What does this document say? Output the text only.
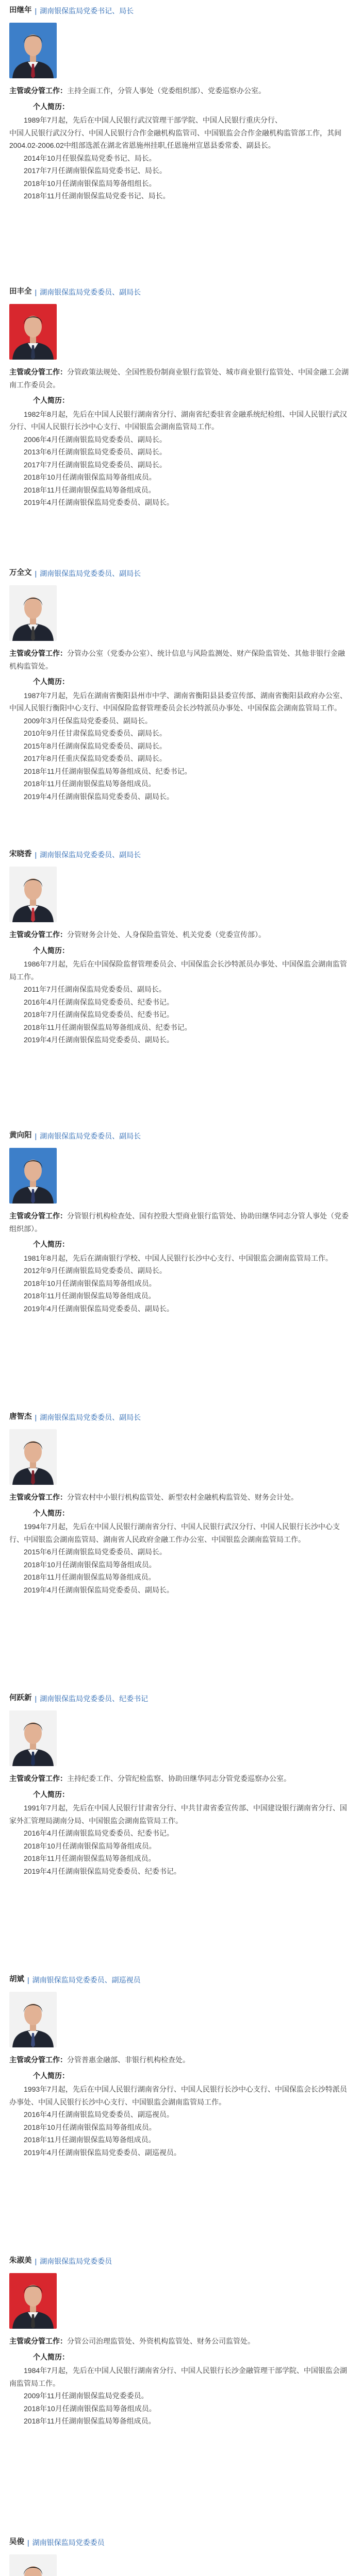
田继年 | 湖南银保监局党委书记、局长

主管或分管工作：主持全面工作，分管人事处（党委组织部）、党委巡察办公室。

个人简历：

1989年7月起，先后在中国人民银行武汉管理干部学院、中国人民银行重庆分行、

中国人民银行武汉分行、中国人民银行合作金融机构监管司、中国银监会合作金融机构监管部工作，其间2004.02-2006.02中组部选派在湖北省恩施州挂职,任恩施州宣恩县委常委、副县长。

2014年10月任银保监局党委书记、局长。

2017年7月任湖南银保监局党委书记、局长。

2018年10月任湖南银保监局筹备组组长。

2018年11月任湖南银保监局党委书记、局长。

田丰全 | 湖南银保监局党委委员、副局长

主管或分管工作：分管政策法规处、全国性股份制商业银行监管处、城市商业银行监管处、中国金融工会湖南工作委员会。

个人简历：

1982年8月起，先后在中国人民银行湖南省分行、湖南省纪委驻省金融系统纪检组、中国人民银行武汉分行、中国人民银行长沙中心支行、中国银监会湖南监管局工作。

2006年4月任湖南银监局党委委员、副局长。

2013年6月任湖南银监局党委委员、副局长。

2017年7月任湖南银监局党委委员、副局长。

2018年10月任湖南银保监局筹备组成员。

2018年11月任湖南银保监局筹备组成员。

2019年4月任湖南银保监局党委委员、副局长。

万全文 | 湖南银保监局党委委员、副局长

主管或分管工作：分管办公室（党委办公室）、统计信息与风险监测处、财产保险监管处、其他非银行金融机构监管处。

个人简历：

1987年7月起，先后在湖南省衡阳县州市中学、湖南省衡阳县县委宣传部、湖南省衡阳县政府办公室、中国人民银行衡阳中心支行、中国保险监督管理委员会长沙特派员办事处、中国保监会湖南监管局工作。

2009年3月任保监局党委委员、副局长。

2010年9月任甘肃保监局党委委员、副局长。

2015年8月任湖南保监局党委委员、副局长。

2017年8月任重庆保监局党委委员、副局长。

2018年11月任湖南银保监局筹备组成员、纪委书记。

2018年11月任湖南银保监局筹备组成员。

2019年4月任湖南银保监局党委委员、副局长。

宋晓香 | 湖南银保监局党委委员、副局长

主管或分管工作：分管财务会计处、人身保险监管处、机关党委（党委宣传部）。

个人简历：

1986年7月起，先后在中国保险监督管理委员会、中国保监会长沙特派员办事处、中国保监会湖南监管局工作。

2011年7月任湖南保监局党委委员、副局长。

2016年4月任湖南保监局党委委员、纪委书记。

2018年7月任湖南保监局党委委员、纪委书记。

2018年11月任湖南银保监局筹备组成员、纪委书记。

2019年4月任湖南银保监局党委委员、副局长。

黄向阳 | 湖南银保监局党委委员、副局长

主管或分管工作：分管银行机构检查处、国有控股大型商业银行监管处、协助田继华同志分管人事处（党委组织部）。

个人简历：

1981年8月起，先后在湖南银行学校、中国人民银行长沙中心支行、中国银监会湖南监管局工作。

2012年9月任湖南银监局党委委员、副局长。

2018年10月任湖南银保监局筹备组成员。

2018年11月任湖南银保监局筹备组成员。

2019年4月任湖南银保监局党委委员、副局长。

唐智杰 | 湖南银保监局党委委员、副局长

主管或分管工作：分管农村中小银行机构监管处、新型农村金融机构监管处、财务会计处。

个人简历：

1994年7月起，先后在中国人民银行湖南省分行、中国人民银行武汉分行、中国人民银行长沙中心支行、中国银监会湖南监管局、湖南省人民政府金融工作办公室、中国银监会湖南监管局工作。

2015年6月任湖南银监局党委委员、副局长。

2018年10月任湖南银保监局筹备组成员。

2018年11月任湖南银保监局筹备组成员。

2019年4月任湖南银保监局党委委员、副局长。

何跃新 | 湖南银保监局党委委员、纪委书记

主管或分管工作：主持纪委工作、分管纪检监察、协助田继华同志分管党委巡察办公室。

个人简历：

1991年7月起，先后在中国人民银行甘肃省分行、中共甘肃省委宣传部、中国建设银行湖南省分行、国家外汇管理局湖南分局、中国银监会湖南监管局工作。

2016年4月任湖南银监局党委委员、纪委书记。

2018年10月任湖南银保监局筹备组成员。

2018年11月任湖南银保监局筹备组成员。

2019年4月任湖南银保监局党委委员、纪委书记。

胡斌 | 湖南银保监局党委委员、副巡视员

主管或分管工作：分管普惠金融部、非银行机构检查处。

个人简历：

1993年7月起，先后在中国人民银行湖南省分行、中国人民银行长沙中心支行、中国保监会长沙特派员办事处、中国人民银行长沙中心支行、中国银监会湖南监管局工作。

2016年4月任湖南银监局党委委员、副巡视员。

2018年10月任湖南银保监局筹备组成员。

2018年11月任湖南银保监局筹备组成员。

2019年4月任湖南银保监局党委委员、副巡视员。

朱淑美 | 湖南银保监局党委委员

主管或分管工作：分管公司治理监管处、外资机构监管处、财务公司监管处。

个人简历：

1984年7月起，先后在中国人民银行湖南省分行、中国人民银行长沙金融管理干部学院、中国银监会湖南监管局工作。

2009年11月任湖南银保监局党委委员。

2018年10月任湖南银保监局筹备组成员。

2018年11月任湖南银保监局筹备组成员。

吴俊 | 湖南银保监局党委委员
